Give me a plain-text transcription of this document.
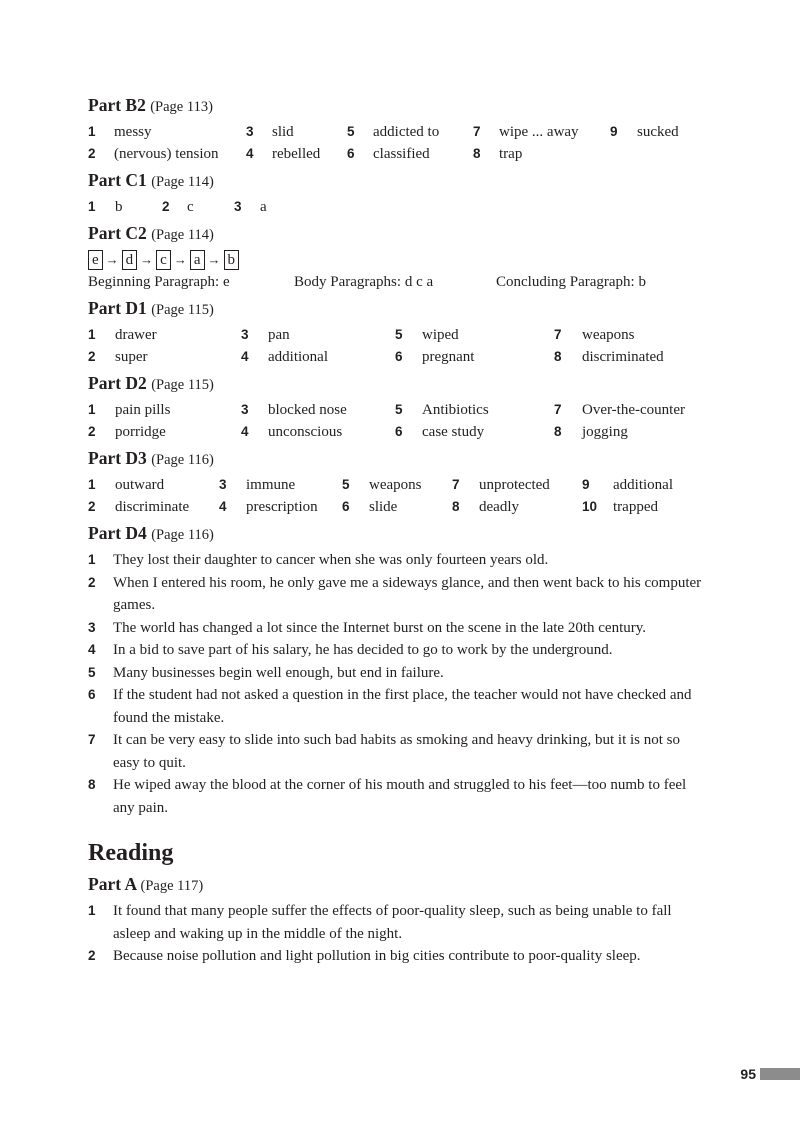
Part B2 (Page 113)
1 messy	3 slid	5 addicted to	7 wipe ... away 9 sucked
2 (nervous) tension 4 rebelled 6 classified	8 trap
Part C1 (Page 114)
1 b	2 c	3 a
Part C2 (Page 114)
e → d → c → a → b
Beginning Paragraph: e	Body Paragraphs: d c a	Concluding Paragraph: b
Part D1 (Page 115)
1 drawer	3 pan	5 wiped	7 weapons
2 super	4 additional	6 pregnant	8 discriminated
Part D2 (Page 115)
1 pain pills	3 blocked nose	5 Antibiotics	7 Over-the-counter
2 porridge	4 unconscious	6 case study	8 jogging
Part D3 (Page 116)
1 outward	3 immune	5 weapons 7 unprotected 9 additional
2 discriminate 4 prescription 6 slide	8 deadly	10 trapped
Part D4 (Page 116)
1 They lost their daughter to cancer when she was only fourteen years old.
2 When I entered his room, he only gave me a sideways glance, and then went back to his computer games.
3 The world has changed a lot since the Internet burst on the scene in the late 20th century.
4 In a bid to save part of his salary, he has decided to go to work by the underground.
5 Many businesses begin well enough, but end in failure.
6 If the student had not asked a question in the first place, the teacher would not have checked and found the mistake.
7 It can be very easy to slide into such bad habits as smoking and heavy drinking, but it is not so easy to quit.
8 He wiped away the blood at the corner of his mouth and struggled to his feet—too numb to feel any pain.
Reading
Part A (Page 117)
1 It found that many people suffer the effects of poor-quality sleep, such as being unable to fall asleep and waking up in the middle of the night.
2 Because noise pollution and light pollution in big cities contribute to poor-quality sleep.
95
